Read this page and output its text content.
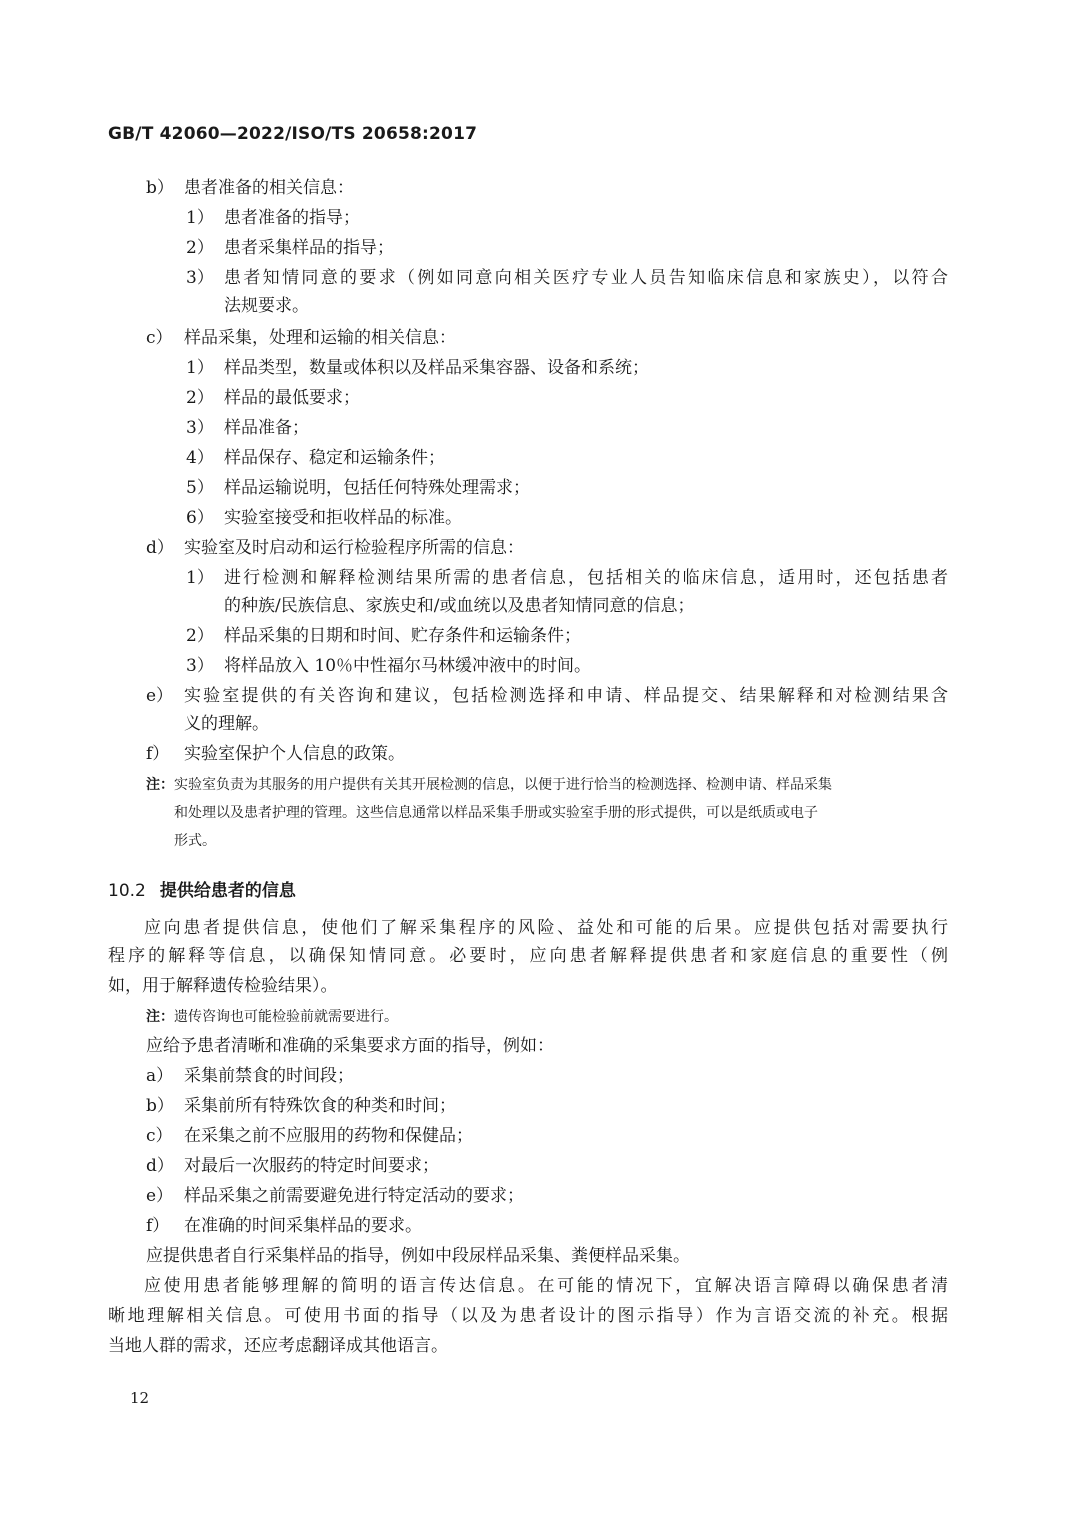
GB/T 42060—2022/ISO/TS 20658:2017
b） 患者准备的相关信息：
1） 患者准备的指导；
2） 患者采集样品的指导；
3） 患者知情同意的要求（例如同意向相关医疗专业人员告知临床信息和家族史），以符合
法规要求。
c） 样品采集，处理和运输的相关信息：
1） 样品类型，数量或体积以及样品采集容器、设备和系统；
2） 样品的最低要求；
3） 样品准备；
4） 样品保存、稳定和运输条件；
5） 样品运输说明，包括任何特殊处理需求；
6） 实验室接受和拒收样品的标准。
d） 实验室及时启动和运行检验程序所需的信息：
1） 进行检测和解释检测结果所需的患者信息，包括相关的临床信息，适用时，还包括患者
的种族/民族信息、家族史和/或血统以及患者知情同意的信息；
2） 样品采集的日期和时间、贮存条件和运输条件；
3） 将样品放入 10％中性福尔马林缓冲液中的时间。
e） 实验室提供的有关咨询和建议，包括检测选择和申请、样品提交、结果解释和对检测结果含
义的理解。
f） 实验室保护个人信息的政策。
注：实验室负责为其服务的用户提供有关其开展检测的信息，以便于进行恰当的检测选择、检测申请、样品采集
和处理以及患者护理的管理。这些信息通常以样品采集手册或实验室手册的形式提供，可以是纸质或电子
形式。
10.2 提供给患者的信息
应向患者提供信息，使他们了解采集程序的风险、益处和可能的后果。应提供包括对需要执行
程序的解释等信息，以确保知情同意。必要时，应向患者解释提供患者和家庭信息的重要性（例
如，用于解释遗传检验结果）。
注：遗传咨询也可能检验前就需要进行。
应给予患者清晰和准确的采集要求方面的指导，例如：
a） 采集前禁食的时间段；
b） 采集前所有特殊饮食的种类和时间；
c） 在采集之前不应服用的药物和保健品；
d） 对最后一次服药的特定时间要求；
e） 样品采集之前需要避免进行特定活动的要求；
f） 在准确的时间采集样品的要求。
应提供患者自行采集样品的指导，例如中段尿样品采集、粪便样品采集。
应使用患者能够理解的简明的语言传达信息。在可能的情况下，宜解决语言障碍以确保患者清
晰地理解相关信息。可使用书面的指导（以及为患者设计的图示指导）作为言语交流的补充。根据
当地人群的需求，还应考虑翻译成其他语言。
12
